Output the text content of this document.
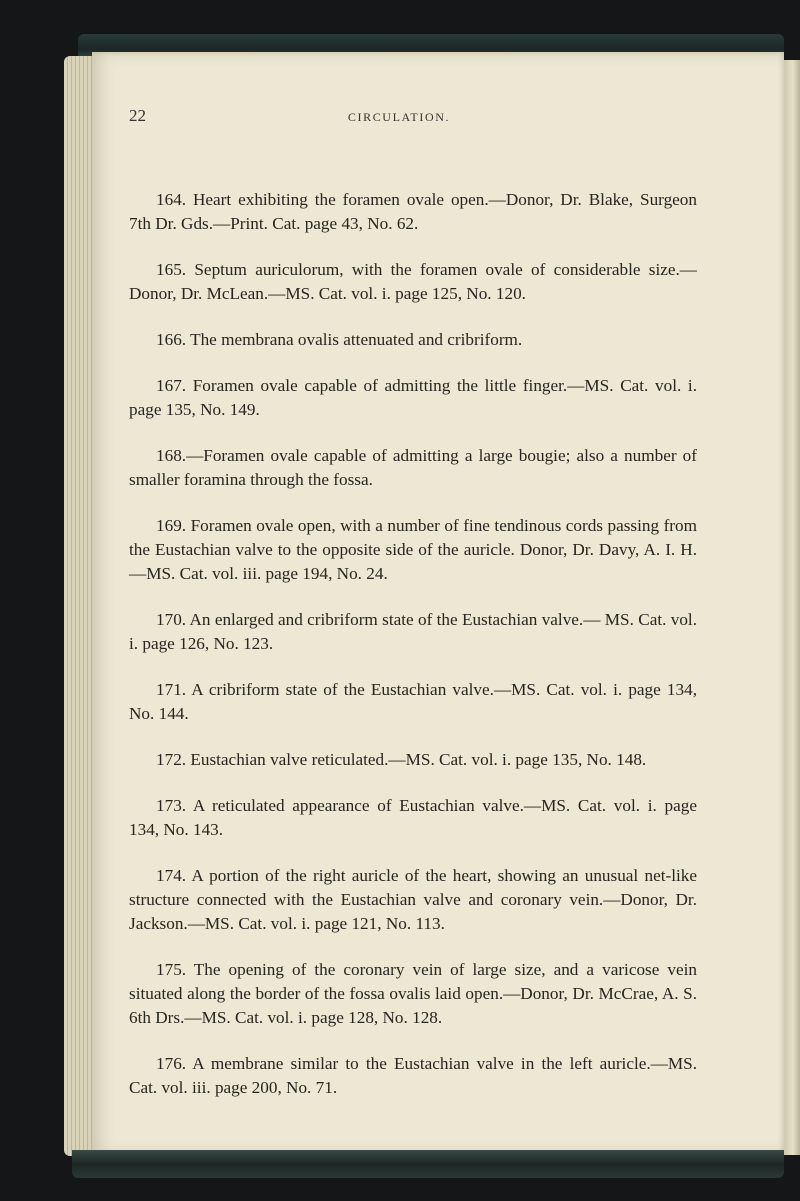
22	CIRCULATION.

164. Heart exhibiting the foramen ovale open.—Donor, Dr. Blake, Surgeon 7th Dr. Gds.—Print. Cat. page 43, No. 62.

165. Septum auriculorum, with the foramen ovale of considerable size.—Donor, Dr. McLean.—MS. Cat. vol. i. page 125, No. 120.

166. The membrana ovalis attenuated and cribriform.

167. Foramen ovale capable of admitting the little finger.—MS. Cat. vol. i. page 135, No. 149.

168.—Foramen ovale capable of admitting a large bougie; also a number of smaller foramina through the fossa.

169. Foramen ovale open, with a number of fine tendinous cords passing from the Eustachian valve to the opposite side of the auricle. Donor, Dr. Davy, A. I. H.—MS. Cat. vol. iii. page 194, No. 24.

170. An enlarged and cribriform state of the Eustachian valve.— MS. Cat. vol. i. page 126, No. 123.

171. A cribriform state of the Eustachian valve.—MS. Cat. vol. i. page 134, No. 144.

172. Eustachian valve reticulated.—MS. Cat. vol. i. page 135, No. 148.

173. A reticulated appearance of Eustachian valve.—MS. Cat. vol. i. page 134, No. 143.

174. A portion of the right auricle of the heart, showing an unusual net-like structure connected with the Eustachian valve and coronary vein.—Donor, Dr. Jackson.—MS. Cat. vol. i. page 121, No. 113.

175. The opening of the coronary vein of large size, and a varicose vein situated along the border of the fossa ovalis laid open.—Donor, Dr. McCrae, A. S. 6th Drs.—MS. Cat. vol. i. page 128, No. 128.

176. A membrane similar to the Eustachian valve in the left auricle.—MS. Cat. vol. iii. page 200, No. 71.
